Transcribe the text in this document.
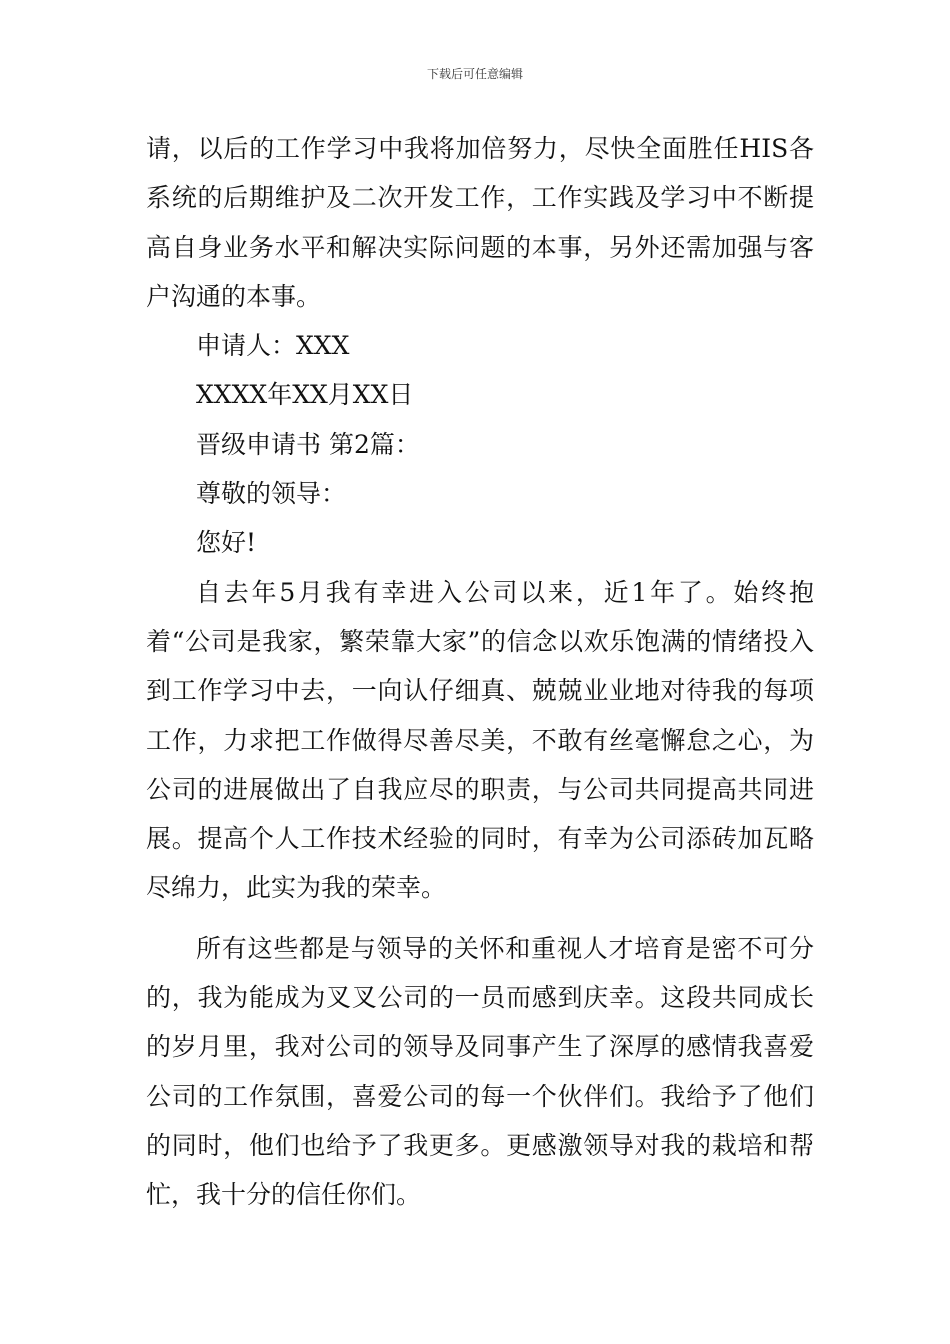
下载后可任意编辑

请，以后的工作学习中我将加倍努力，尽快全面胜任HIS各系统的后期维护及二次开发工作，工作实践及学习中不断提高自身业务水平和解决实际问题的本事，另外还需加强与客户沟通的本事。

申请人：XXX

XXXX年XX月XX日

晋级申请书 第2篇：

尊敬的领导：

您好!

自去年5月我有幸进入公司以来，近1年了。始终抱着“公司是我家，繁荣靠大家”的信念以欢乐饱满的情绪投入到工作学习中去，一向认仔细真、兢兢业业地对待我的每项工作，力求把工作做得尽善尽美，不敢有丝毫懈怠之心，为公司的进展做出了自我应尽的职责，与公司共同提高共同进展。提高个人工作技术经验的同时，有幸为公司添砖加瓦略尽绵力，此实为我的荣幸。

所有这些都是与领导的关怀和重视人才培育是密不可分的，我为能成为叉叉公司的一员而感到庆幸。这段共同成长的岁月里，我对公司的领导及同事产生了深厚的感情我喜爱公司的工作氛围，喜爱公司的每一个伙伴们。我给予了他们的同时，他们也给予了我更多。更感激领导对我的栽培和帮忙，我十分的信任你们。
